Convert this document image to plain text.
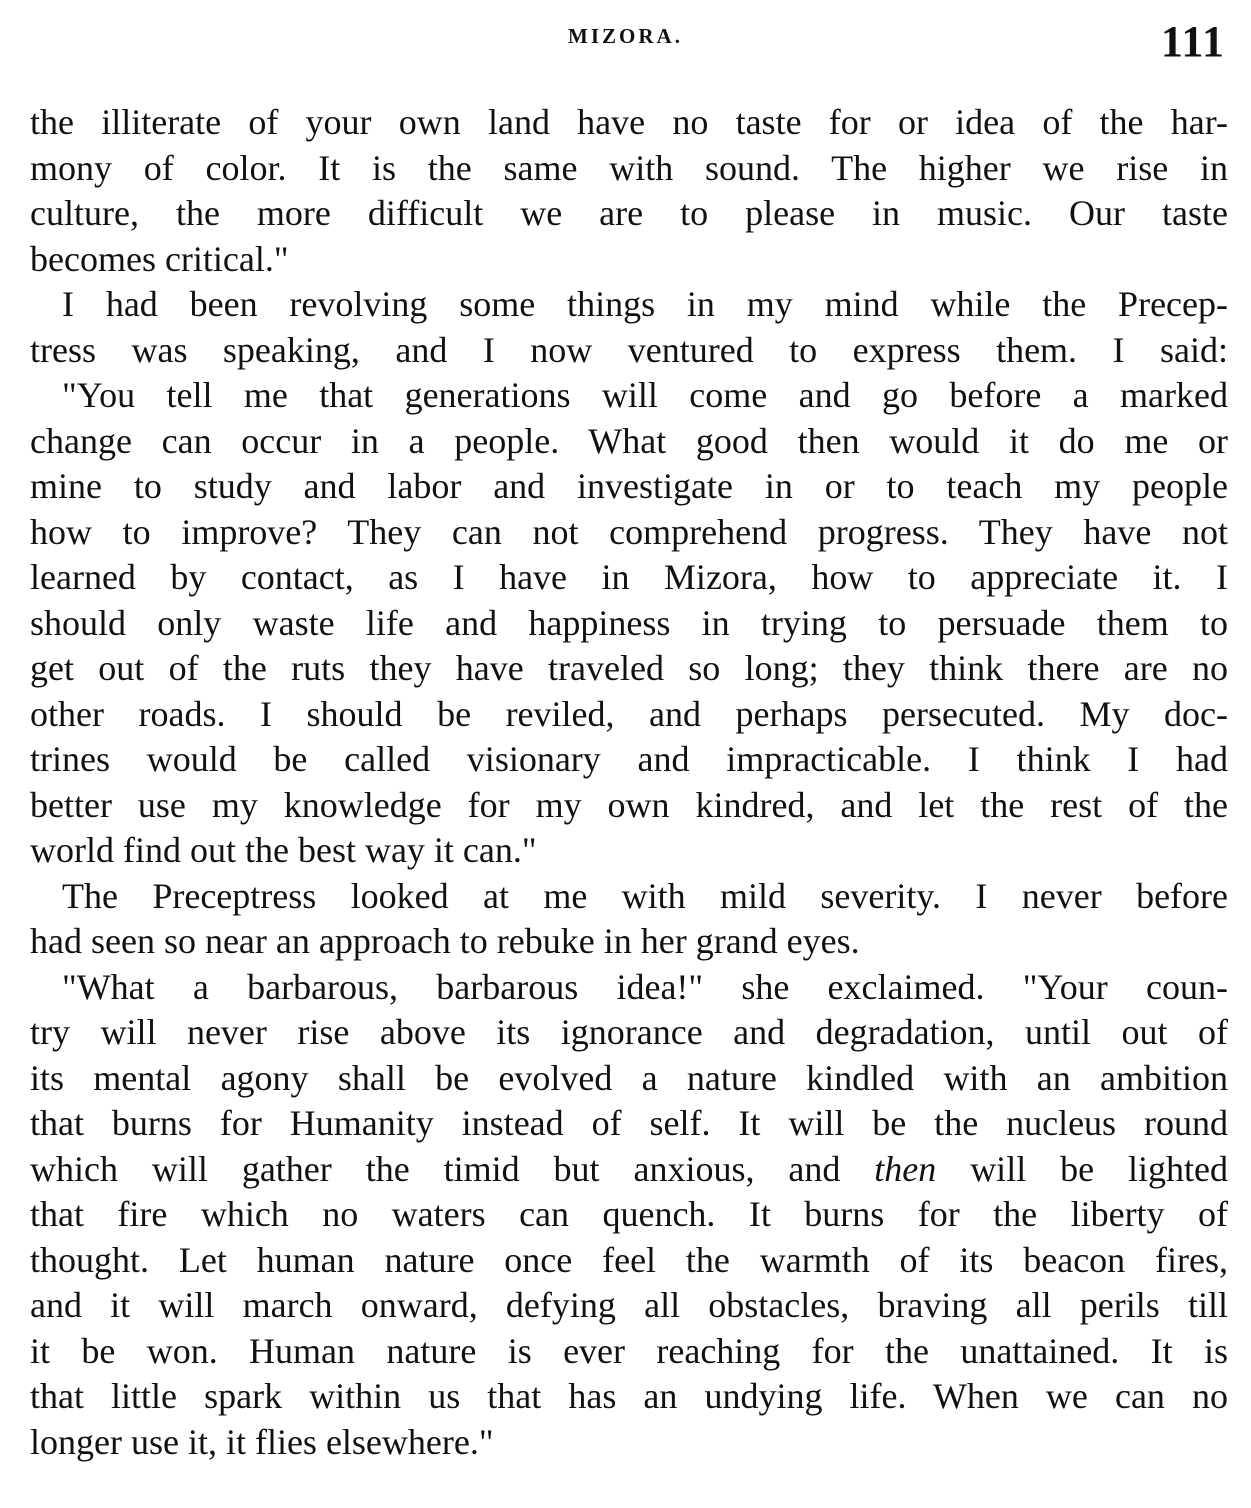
MIZORA.	111
the illiterate of your own land have no taste for or idea of the har-
mony of color. It is the same with sound. The higher we rise in
culture, the more difficult we are to please in music. Our taste
becomes critical."
I had been revolving some things in my mind while the Precep-
tress was speaking, and I now ventured to express them. I said:
"You tell me that generations will come and go before a marked
change can occur in a people. What good then would it do me or
mine to study and labor and investigate in or to teach my people
how to improve? They can not comprehend progress. They have not
learned by contact, as I have in Mizora, how to appreciate it. I
should only waste life and happiness in trying to persuade them to
get out of the ruts they have traveled so long; they think there are no
other roads. I should be reviled, and perhaps persecuted. My doc-
trines would be called visionary and impracticable. I think I had
better use my knowledge for my own kindred, and let the rest of the
world find out the best way it can."
The Preceptress looked at me with mild severity. I never before
had seen so near an approach to rebuke in her grand eyes.
"What a barbarous, barbarous idea!" she exclaimed. "Your coun-
try will never rise above its ignorance and degradation, until out of
its mental agony shall be evolved a nature kindled with an ambition
that burns for Humanity instead of self. It will be the nucleus round
which will gather the timid but anxious, and then will be lighted
that fire which no waters can quench. It burns for the liberty of
thought. Let human nature once feel the warmth of its beacon fires,
and it will march onward, defying all obstacles, braving all perils till
it be won. Human nature is ever reaching for the unattained. It is
that little spark within us that has an undying life. When we can no
longer use it, it flies elsewhere."
